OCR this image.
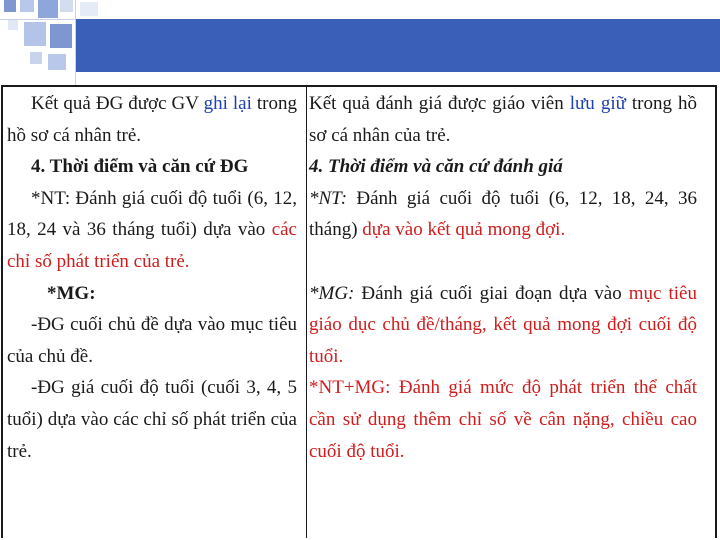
Kết quả ĐG được GV ghi lại trong hồ sơ cá nhân trẻ.

4. Thời điểm và căn cứ ĐG

*NT: Đánh giá cuối độ tuổi (6, 12, 18, 24 và 36 tháng tuổi) dựa vào các chỉ số phát triển của trẻ.

*MG:

-ĐG cuối chủ đề dựa vào mục tiêu của chủ đề.

-ĐG giá cuối độ tuổi (cuối 3, 4, 5 tuổi) dựa vào các chỉ số phát triển của trẻ.

Kết quả đánh giá được giáo viên lưu giữ trong hồ sơ cá nhân của trẻ.

4. Thời điểm và căn cứ đánh giá

*NT: Đánh giá cuối độ tuổi (6, 12, 18, 24, 36 tháng) dựa vào kết quả mong đợi.

*MG: Đánh giá cuối giai đoạn dựa vào mục tiêu giáo dục chủ đề/tháng, kết quả mong đợi cuối độ tuổi.

*NT+MG: Đánh giá mức độ phát triển thể chất cần sử dụng thêm chỉ số về cân nặng, chiều cao cuối độ tuổi.
